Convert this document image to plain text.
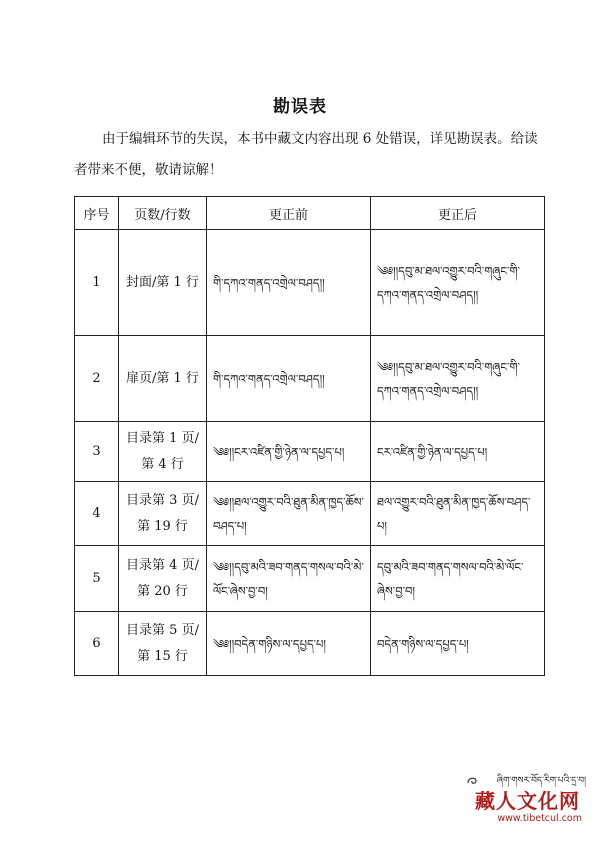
勘误表
由于编辑环节的失误，本书中藏文内容出现 6 处错误，详见勘误表。给读者带来不便，敬请谅解！
序号	页数/行数	更正前	更正后
1	封面/第 1 行	གི་དཀའ་གནད་འགྲེལ་བཤད།།	༄༅།།དབུ་མ་ཐལ་འགྱུར་བའི་གཞུང་གི་དཀའ་གནད་འགྲེལ་བཤད།།
2	扉页/第 1 行	གི་དཀའ་གནད་འགྲེལ་བཤད།།	༄༅།།དབུ་མ་ཐལ་འགྱུར་བའི་གཞུང་གི་དཀའ་གནད་འགྲེལ་བཤད།།
3	目录第 1 页/第 4 行	༄༅།།ངར་འཛིན་གྱི་ཉེན་ལ་དཔྱད་པ།	ངར་འཛིན་གྱི་ཉེན་ལ་དཔྱད་པ།
4	目录第 3 页/第 19 行	༄༅།།ཐལ་འགྱུར་བའི་ཐུན་མིན་ཁྱད་ཆོས་བཤད་པ།	ཐལ་འགྱུར་བའི་ཐུན་མིན་ཁྱད་ཆོས་བཤད་པ།
5	目录第 4 页/第 20 行	༄༅།།དབུ་མའི་ཟབ་གནད་གསལ་བའི་མེ་ལོང་ཞེས་བྱ་བ།	དབུ་མའི་ཟབ་གནད་གསལ་བའི་མེ་ལོང་ཞེས་བྱ་བ།
6	目录第 5 页/第 15 行	༄༅།།བདེན་གཉིས་ལ་དཔྱད་པ།	བདེན་གཉིས་ལ་དཔྱད་པ།
ཞིག་གསར་བོད་རིག་པའི་དྲ་བ།
藏人文化网
www.tibetcul.com
